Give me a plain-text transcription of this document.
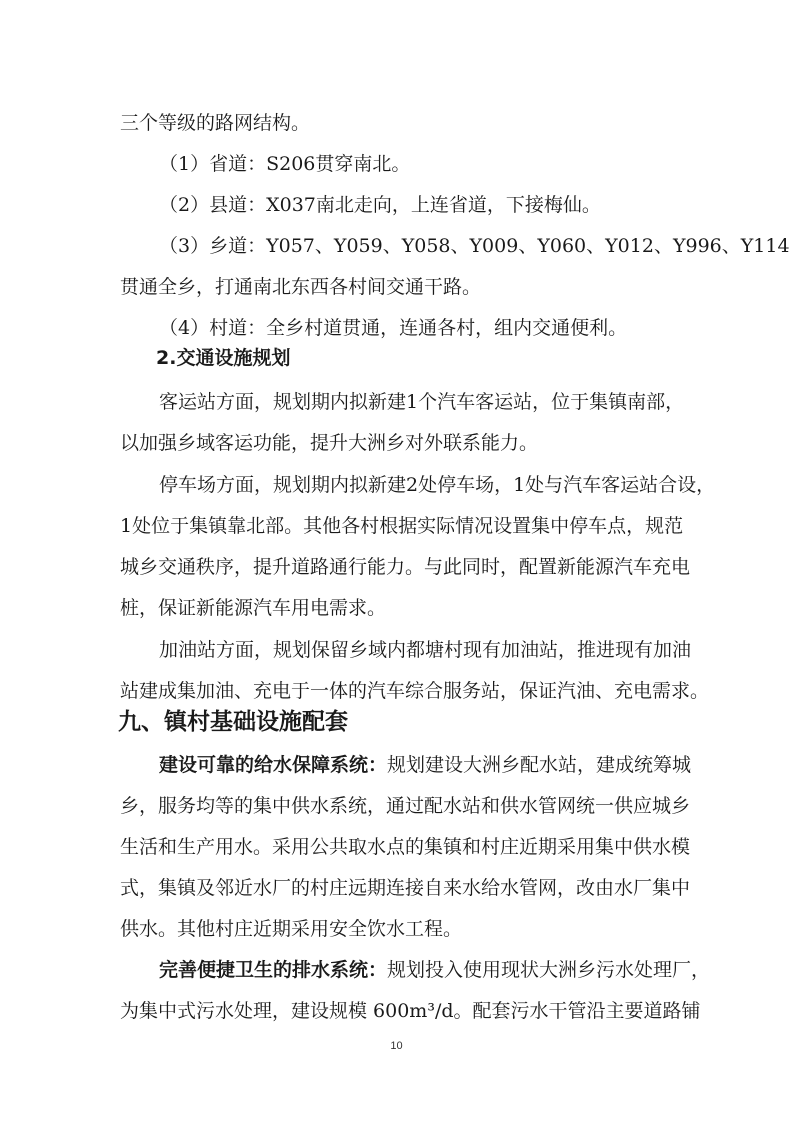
三个等级的路网结构。
（1）省道：S206贯穿南北。
（2）县道：X037南北走向，上连省道，下接梅仙。
（3）乡道：Y057、Y059、Y058、Y009、Y060、Y012、Y996、Y114
贯通全乡，打通南北东西各村间交通干路。
（4）村道：全乡村道贯通，连通各村，组内交通便利。
2.交通设施规划
客运站方面，规划期内拟新建1个汽车客运站，位于集镇南部，
以加强乡域客运功能，提升大洲乡对外联系能力。
停车场方面，规划期内拟新建2处停车场，1处与汽车客运站合设，
1处位于集镇靠北部。其他各村根据实际情况设置集中停车点，规范
城乡交通秩序，提升道路通行能力。与此同时，配置新能源汽车充电
桩，保证新能源汽车用电需求。
加油站方面，规划保留乡域内都塘村现有加油站，推进现有加油
站建成集加油、充电于一体的汽车综合服务站，保证汽油、充电需求。
九、镇村基础设施配套
建设可靠的给水保障系统：规划建设大洲乡配水站，建成统筹城
乡，服务均等的集中供水系统，通过配水站和供水管网统一供应城乡
生活和生产用水。采用公共取水点的集镇和村庄近期采用集中供水模
式，集镇及邻近水厂的村庄远期连接自来水给水管网，改由水厂集中
供水。其他村庄近期采用安全饮水工程。
完善便捷卫生的排水系统：规划投入使用现状大洲乡污水处理厂，
为集中式污水处理，建设规模 600m³/d。配套污水干管沿主要道路铺
10
